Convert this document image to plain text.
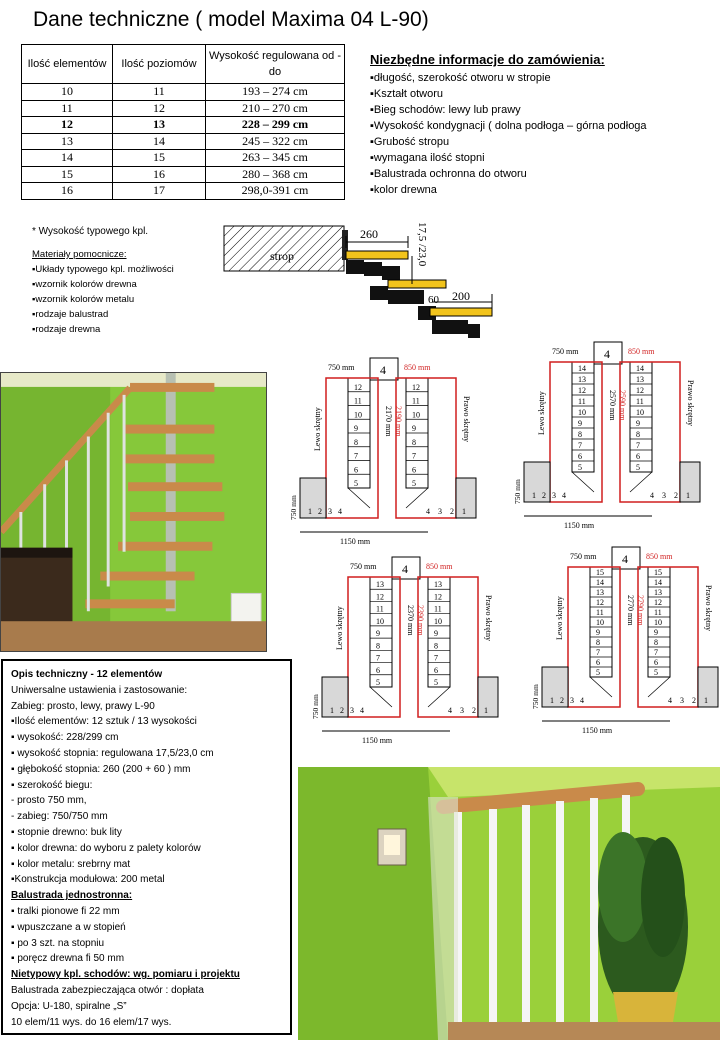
Dane techniczne ( model Maxima 04 L-90)
Ilość elementów	Ilość poziomów	Wysokość regulowana od - do
10	11	193 – 274 cm
11	12	210 – 270 cm
12	13	228 – 299 cm
13	14	245 – 322 cm
14	15	263 – 345 cm
15	16	280 – 368 cm
16	17	298,0-391 cm
Niezbędne informacje do zamówienia:
▪ długość, szerokość otworu w stropie
▪ Kształt otworu
▪ Bieg schodów: lewy lub prawy
▪ Wysokość kondygnacji ( dolna podłoga – górna podłoga
▪ Grubość stropu
▪ wymagana ilość stopni
▪ Balustrada ochronna do otworu
▪ kolor drewna
* Wysokość typowego kpl.
Materiały pomocnicze:
▪ Układy typowego kpl. możliwości
▪ wzornik kolorów drewna
▪ wzornik kolorów metalu
▪ rodzaje balustrad
▪ rodzaje drewna
strop
260	17,5 /23,0
60 200
750 mm 4 850 mm
12	12
11	11
10	10
9	9
8	8
7	7
6	6
5	5
1 2 3 4	4 3 2 1
Lewo skrętny	Prawo skrętny
2170 mm 2190 mm
750 mm
1150 mm
750 mm 4 850 mm
14	14
13	13
12	12
11	11
10	10
9	9
8	8
7	7
6	6
5	5
1 2 3 4	4 3 2 1
Lewo skrętny	Prawo skrętny
2570 mm 2590 mm
750 mm
1150 mm
750 mm 4 850 mm
13	13
12	12
11	11
10	10
9	9
8	8
7	7
6	6
5	5
1 2 3 4	4 3 2 1
Lewo skrętny	Prawo skrętny
2370 mm 2390 mm
750 mm
1150 mm
750 mm 4 850 mm
15	15
14	14
13	13
12	12
11	11
10	10
9	9
8	8
7	7
6	6
5	5
1 2 3 4	4 3 2 1
Lewo skrętny	Prawo skrętny
2770 mm 2790 mm
750 mm
1150 mm
Opis techniczny - 12 elementów
Uniwersalne ustawienia i zastosowanie:
Zabieg: prosto, lewy, prawy L-90
▪Ilość elementów: 12 sztuk / 13 wysokości
▪ wysokość: 228/299 cm
▪ wysokość stopnia: regulowana 17,5/23,0 cm
▪ głębokość stopnia: 260 (200 + 60 ) mm
▪ szerokość biegu:
- prosto 750 mm,
- zabieg: 750/750 mm
▪ stopnie drewno: buk lity
▪ kolor drewna: do wyboru z palety kolorów
▪ kolor metalu: srebrny mat
▪Konstrukcja modułowa: 200 metal
Balustrada jednostronna:
▪ tralki pionowe fi 22 mm
▪ wpuszczane a w stopień
▪ po 3 szt. na stopniu
▪ poręcz drewna fi 50 mm
Nietypowy kpl. schodów: wg. pomiaru i projektu
Balustrada zabezpieczająca otwór : dopłata
Opcja: U-180, spiralne „S”
10 elem/11 wys. do 16 elem/17 wys.
